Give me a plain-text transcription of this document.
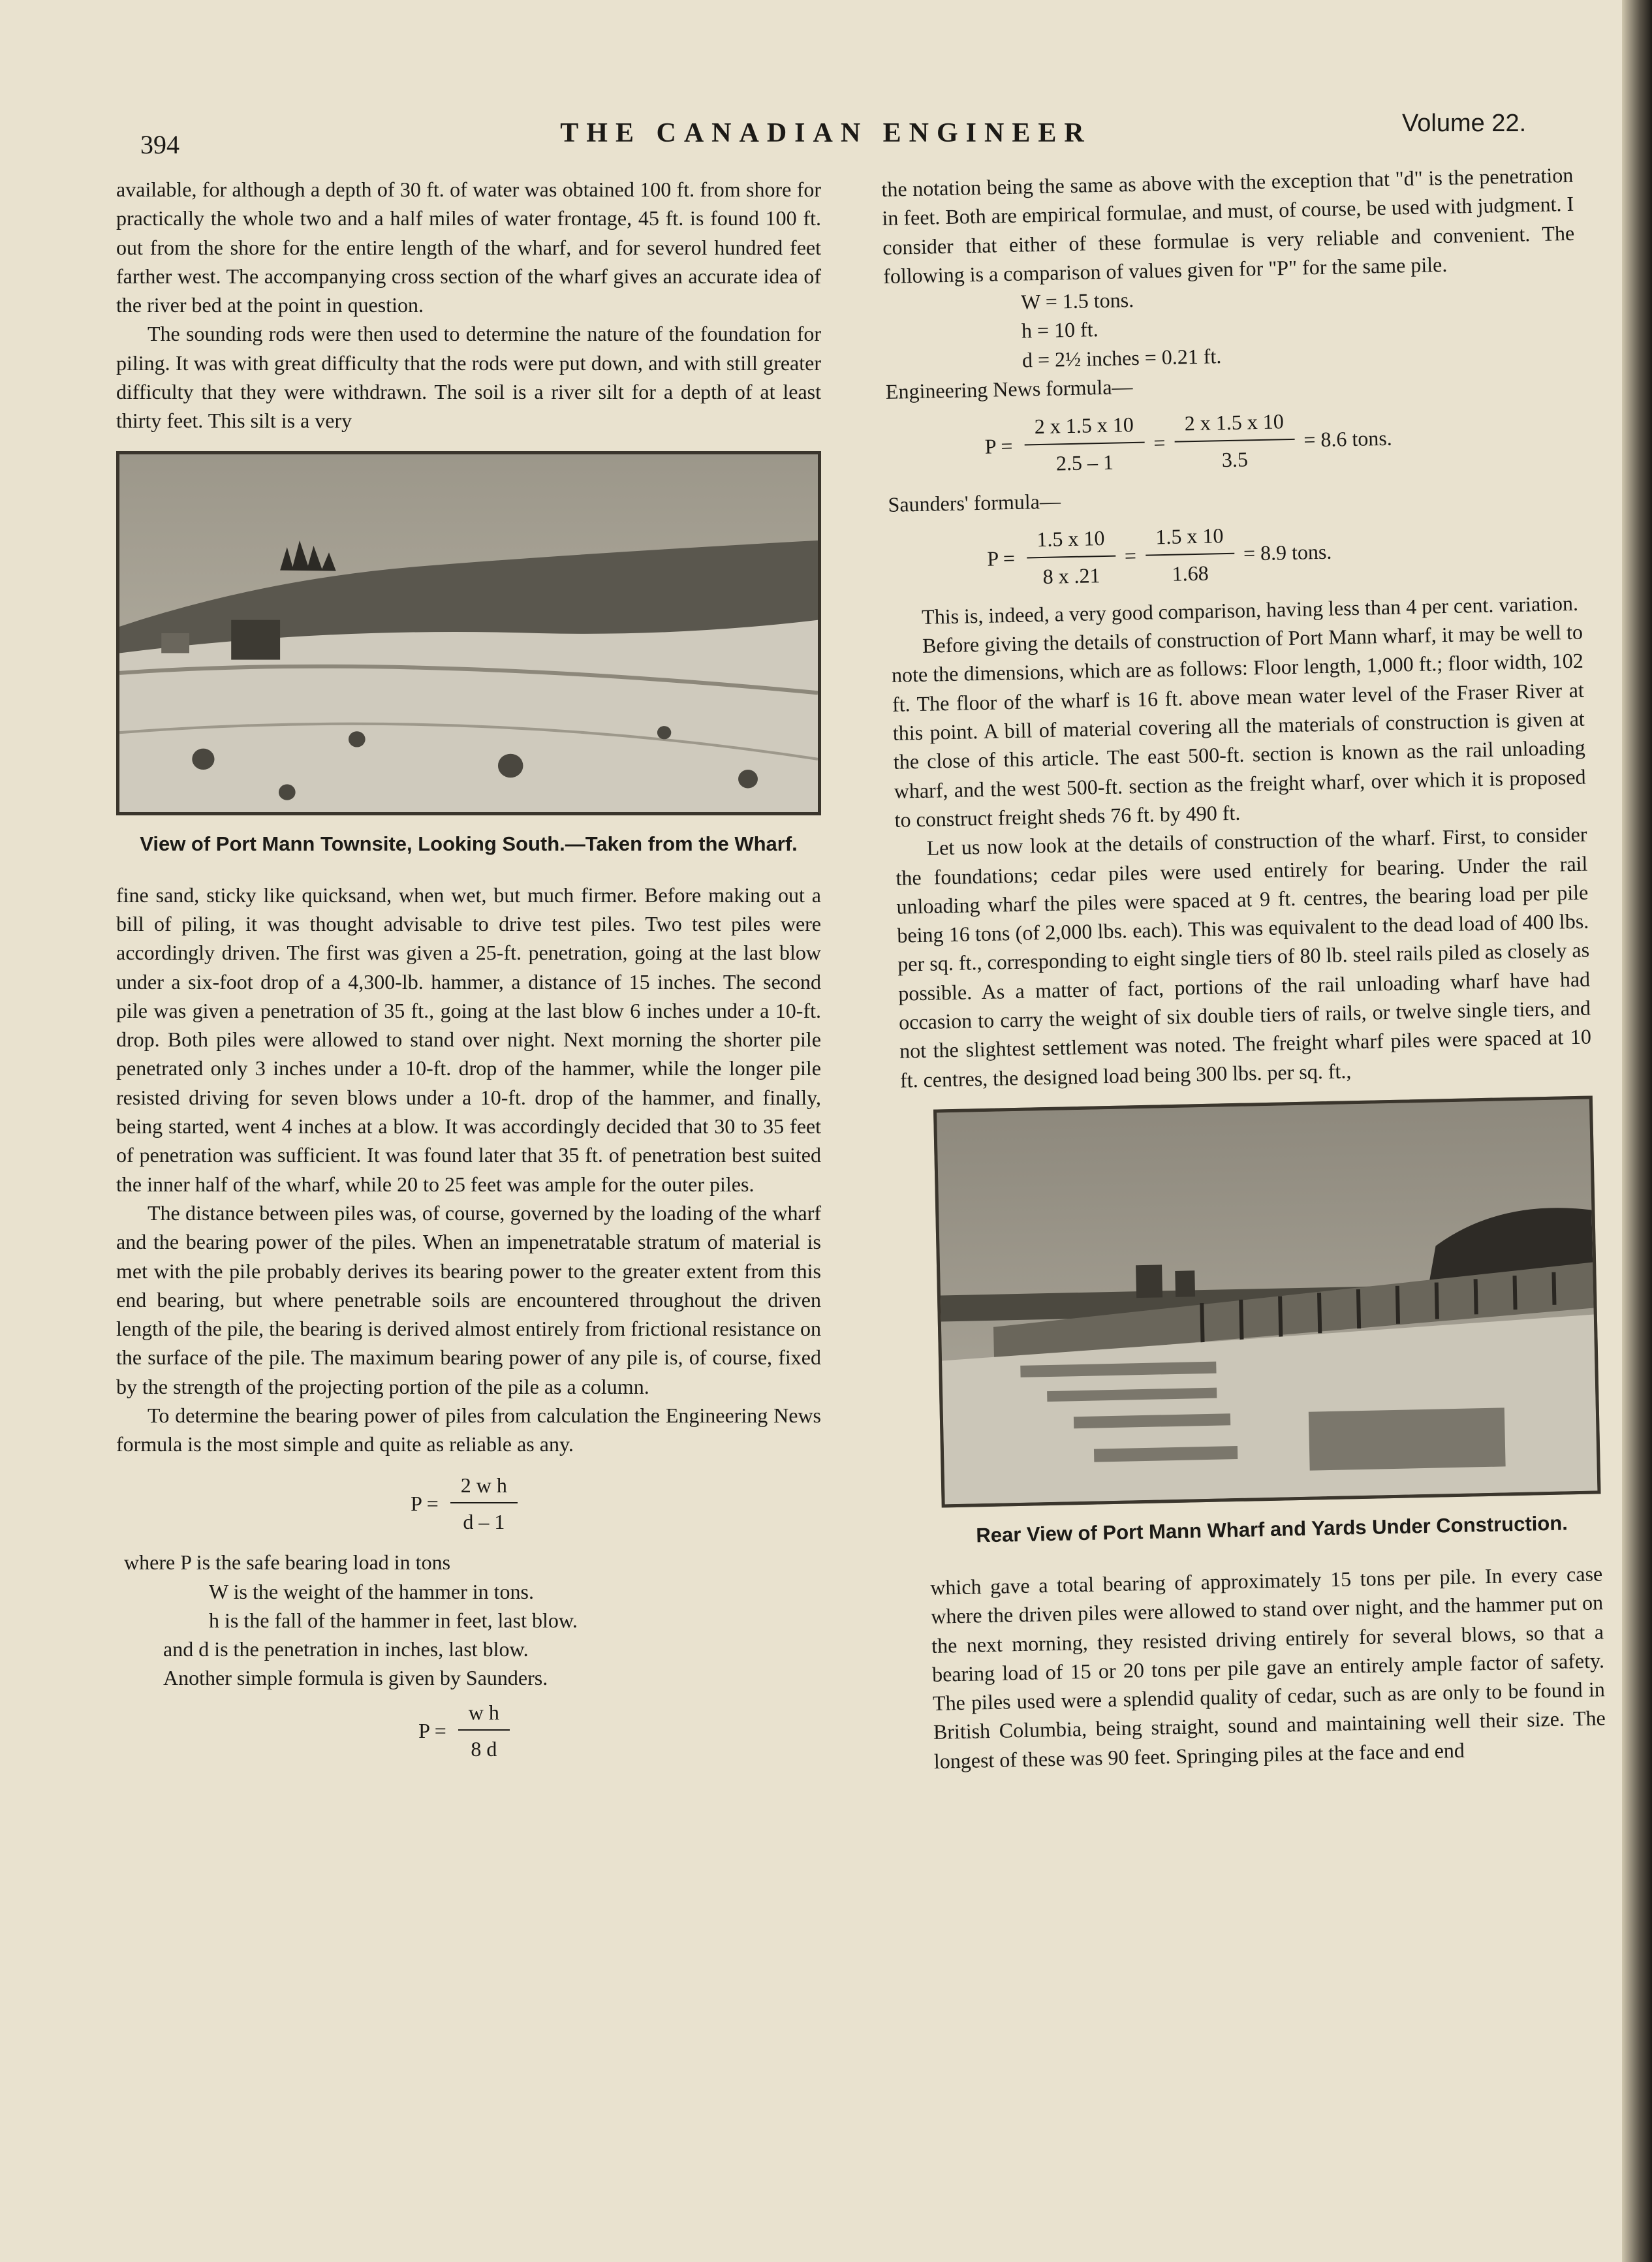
394	THE CANADIAN ENGINEER	Volume 22.

available, for although a depth of 30 ft. of water was obtained 100 ft. from shore for practically the whole two and a half miles of water frontage, 45 ft. is found 100 ft. out from the shore for the entire length of the wharf, and for severol hundred feet farther west. The accompanying cross section of the wharf gives an accurate idea of the river bed at the point in question.

The sounding rods were then used to determine the nature of the foundation for piling. It was with great difficulty that the rods were put down, and with still greater difficulty that they were withdrawn. The soil is a river silt for a depth of at least thirty feet. This silt is a very

View of Port Mann Townsite, Looking South.—Taken from the Wharf.

fine sand, sticky like quicksand, when wet, but much firmer. Before making out a bill of piling, it was thought advisable to drive test piles. Two test piles were accordingly driven. The first was given a 25-ft. penetration, going at the last blow under a six-foot drop of a 4,300-lb. hammer, a distance of 15 inches. The second pile was given a penetration of 35 ft., going at the last blow 6 inches under a 10-ft. drop. Both piles were allowed to stand over night. Next morning the shorter pile penetrated only 3 inches under a 10-ft. drop of the hammer, while the longer pile resisted driving for seven blows under a 10-ft. drop of the hammer, and finally, being started, went 4 inches at a blow. It was accordingly decided that 30 to 35 feet of penetration was sufficient. It was found later that 35 ft. of penetration best suited the inner half of the wharf, while 20 to 25 feet was ample for the outer piles.

The distance between piles was, of course, governed by the loading of the wharf and the bearing power of the piles. When an impenetratable stratum of material is met with the pile probably derives its bearing power to the greater extent from this end bearing, but where penetrable soils are encountered throughout the driven length of the pile, the bearing is derived almost entirely from frictional resistance on the surface of the pile. The maximum bearing power of any pile is, of course, fixed by the strength of the projecting portion of the pile as a column.

To determine the bearing power of piles from calculation the Engineering News formula is the most simple and quite as reliable as any.

$P = \frac{\text{2 w h}}{d - 1}$
where P is the safe bearing load in tons
W is the weight of the hammer in tons.
h is the fall of the hammer in feet, last blow.
and d is the penetration in inches, last blow.
Another simple formula is given by Saunders.
$P = \frac{\text{w h}}{8 d}$

the notation being the same as above with the exception that "d" is the penetration in feet. Both are empirical formulae, and must, of course, be used with judgment. I consider that either of these formulae is very reliable and convenient. The following is a comparison of values given for "P" for the same pile.

W = 1.5 tons.
h = 10 ft.
d = 2½ inches = 0.21 ft.
Engineering News formula—
$P = \frac{2 x 1.5 x 10}{2.5 - 1} = \frac{2 x 1.5 x 10}{3.5} = 8.6$ tons.
Saunders' formula—
$P = \frac{1.5 x 10}{8 x .21} = \frac{1.5 x 10}{1.68} = 8.9$ tons.

This is, indeed, a very good comparison, having less than 4 per cent. variation.

Before giving the details of construction of Port Mann wharf, it may be well to note the dimensions, which are as follows: Floor length, 1,000 ft.; floor width, 102 ft. The floor of the wharf is 16 ft. above mean water level of the Fraser River at this point. A bill of material covering all the materials of construction is given at the close of this article. The east 500-ft. section is known as the rail unloading wharf, and the west 500-ft. section as the freight wharf, over which it is proposed to construct freight sheds 76 ft. by 490 ft.

Let us now look at the details of construction of the wharf. First, to consider the foundations; cedar piles were used entirely for bearing. Under the rail unloading wharf the piles were spaced at 9 ft. centres, the bearing load per pile being 16 tons (of 2,000 lbs. each). This was equivalent to the dead load of 400 lbs. per sq. ft., corresponding to eight single tiers of 80 lb. steel rails piled as closely as possible. As a matter of fact, portions of the rail unloading wharf have had occasion to carry the weight of six double tiers of rails, or twelve single tiers, and not the slightest settlement was noted. The freight wharf piles were spaced at 10 ft. centres, the designed load being 300 lbs. per sq. ft.,

Rear View of Port Mann Wharf and Yards Under Construction.

which gave a total bearing of approximately 15 tons per pile. In every case where the driven piles were allowed to stand over night, and the hammer put on the next morning, they resisted driving entirely for several blows, so that a bearing load of 15 or 20 tons per pile gave an entirely ample factor of safety. The piles used were a splendid quality of cedar, such as are only to be found in British Columbia, being straight, sound and maintaining well their size. The longest of these was 90 feet. Springing piles at the face and end
